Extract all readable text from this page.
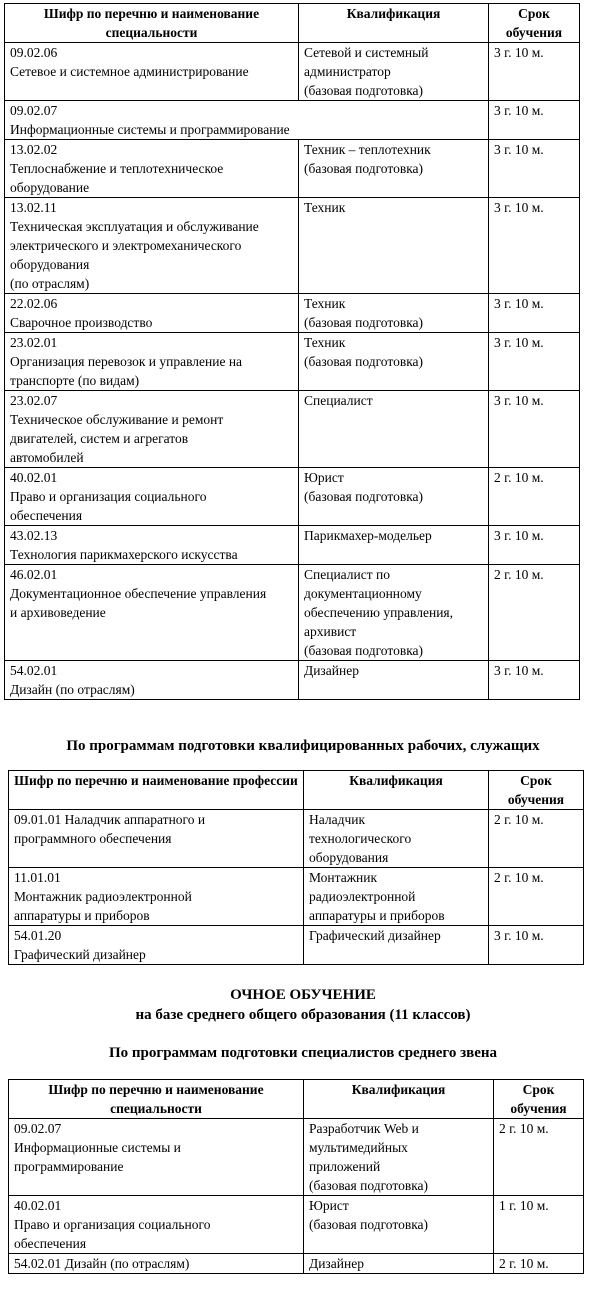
Шифр по перечню и наименование специальности	Квалификация	Срок обучения

09.02.06
Сетевое и системное администрирование	Сетевой и системный
администратор
(базовая подготовка)	3 г. 10 м.

09.02.07
Информационные системы и программирование		3 г. 10 м.

13.02.02
Теплоснабжение и теплотехническое
оборудование	Техник – теплотехник
(базовая подготовка)	3 г. 10 м.

13.02.11
Техническая эксплуатация и обслуживание
электрического и электромеханического
оборудования
(по отраслям)	Техник	3 г. 10 м.

22.02.06
Сварочное производство	Техник
(базовая подготовка)	3 г. 10 м.

23.02.01
Организация перевозок и управление на
транспорте (по видам)	Техник
(базовая подготовка)	3 г. 10 м.

23.02.07
Техническое обслуживание и ремонт
двигателей, систем и агрегатов
автомобилей	Специалист	3 г. 10 м.

40.02.01
Право и организация социального
обеспечения	Юрист
(базовая подготовка)	2 г. 10 м.

43.02.13
Технология парикмахерского искусства	Парикмахер-модельер	3 г. 10 м.

46.02.01
Документационное обеспечение управления
и архивоведение	Специалист по
документационному
обеспечению управления,
архивист
(базовая подготовка)	2 г. 10 м.

54.02.01
Дизайн (по отраслям)	Дизайнер	3 г. 10 м.
По программам подготовки квалифицированных рабочих, служащих
Шифр по перечню и наименование профессии	Квалификация	Срок обучения

09.01.01 Наладчик аппаратного и
программного обеспечения	Наладчик
технологического
оборудования	2 г. 10 м.

11.01.01
Монтажник радиоэлектронной
аппаратуры и приборов	Монтажник
радиоэлектронной
аппаратуры и приборов	2 г. 10 м.

54.01.20
Графический дизайнер	Графический дизайнер	3 г. 10 м.
ОЧНОЕ ОБУЧЕНИЕ
на базе среднего общего образования (11 классов)
По программам подготовки специалистов среднего звена
Шифр по перечню и наименование специальности	Квалификация	Срок обучения

09.02.07
Информационные системы и
программирование	Разработчик Web и
мультимедийных
приложений
(базовая подготовка)	2 г. 10 м.

40.02.01
Право и организация социального
обеспечения	Юрист
(базовая подготовка)	1 г. 10 м.

54.02.01 Дизайн (по отраслям)	Дизайнер	2 г. 10 м.
